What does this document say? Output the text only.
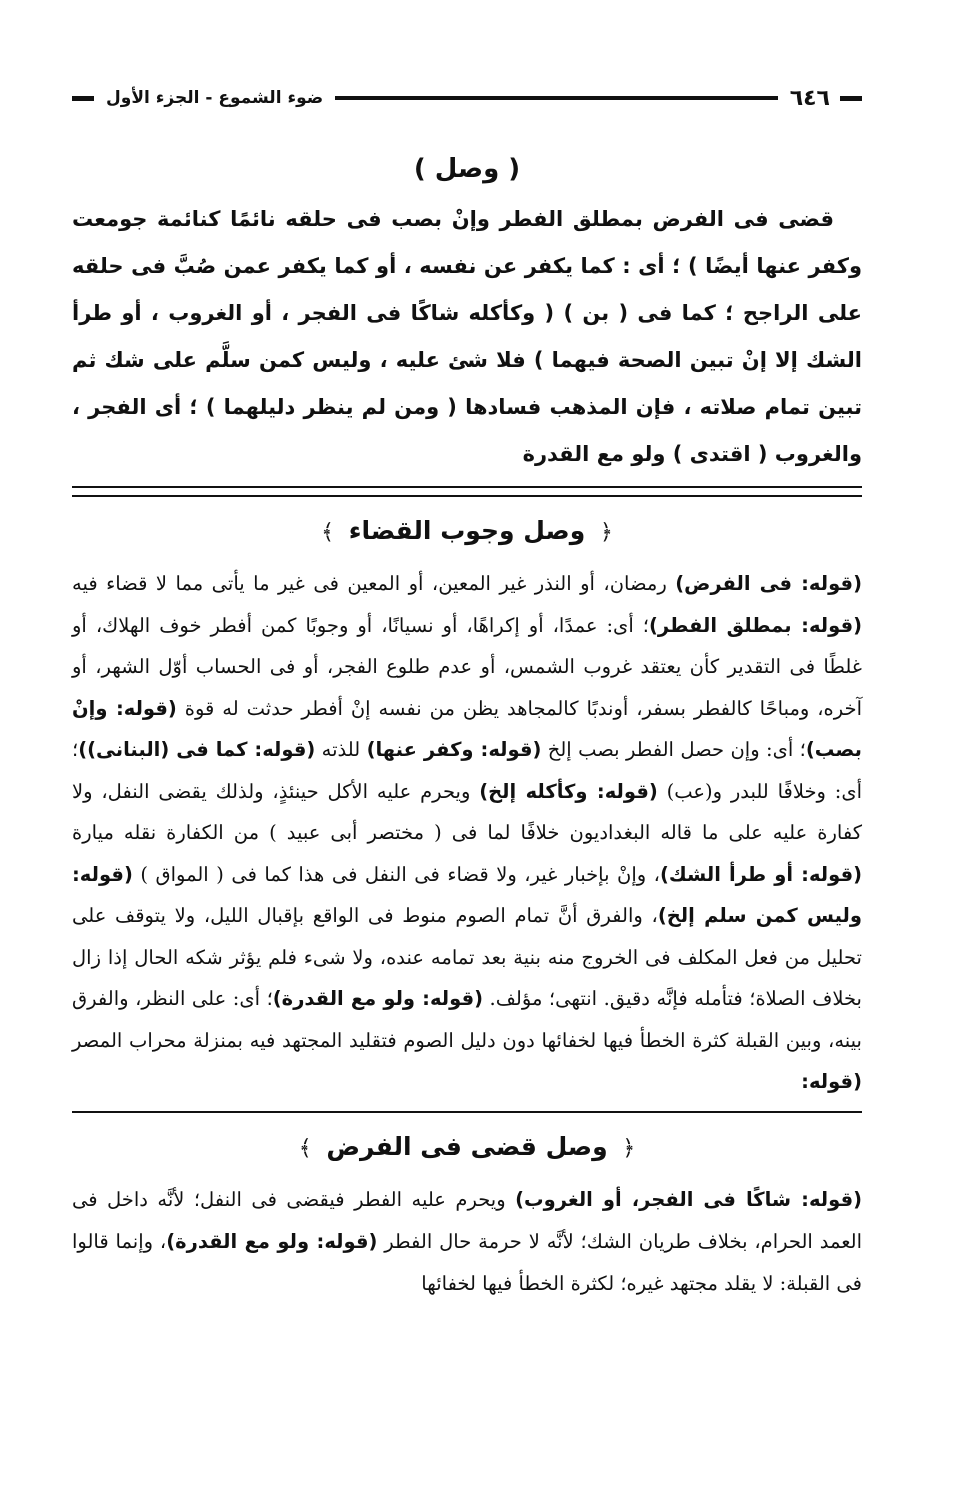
٦٤٦
ضوء الشموع - الجزء الأول
( وصل )

قضى فى الفرض بمطلق الفطر وإنْ بصب فى حلقه نائمًا كنائمة جومعت وكفر عنها أيضًا ) ؛ أى : كما يكفر عن نفسه ، أو كما يكفر عمن صُبَّ فى حلقه على الراجح ؛ كما فى ( بن ) ( وكأكله شاكًا فى الفجر ، أو الغروب ، أو طرأ الشك إلا إنْ تبين الصحة فيهما ) فلا شئ عليه ، وليس كمن سلَّم على شك ثم تبين تمام صلاته ، فإن المذهب فسادها ( ومن لم ينظر دليلهما ) ؛ أى الفجر ، والغروب ( اقتدى ) ولو مع القدرة

﴿ وصل وجوب القضاء ﴾

(قوله: فى الفرض) رمضان، أو النذر غير المعين، أو المعين فى غير ما يأتى مما لا قضاء فيه (قوله: بمطلق الفطر)؛ أى: عمدًا، أو إكراهًا، أو نسيانًا، أو وجوبًا كمن أفطر خوف الهلاك، أو غلطًا فى التقدير كأن يعتقد غروب الشمس، أو عدم طلوع الفجر، أو فى الحساب أوّل الشهر، أو آخره، ومباحًا كالفطر بسفر، أوندبًا كالمجاهد يظن من نفسه إنْ أفطر حدثت له قوة (قوله: وإنْ بصب)؛ أى: وإن حصل الفطر بصب إلخ (قوله: وكفر عنها) للذته (قوله: كما فى (البنانى))؛ أى: وخلافًا للبدر و(عب) (قوله: وكأكله إلخ) ويحرم عليه الأكل حينئذٍ، ولذلك يقضى النفل، ولا كفارة عليه على ما قاله البغداديون خلافًا لما فى ( مختصر أبى عبيد ) من الكفارة نقله ميارة (قوله: أو طرأ الشك)، وإنْ بإخبار غير، ولا قضاء فى النفل فى هذا كما فى ( المواق ) (قوله: وليس كمن سلم إلخ)، والفرق أنَّ تمام الصوم منوط فى الواقع بإقبال الليل، ولا يتوقف على تحليل من فعل المكلف فى الخروج منه بنية بعد تمامه عنده، ولا شىء فلم يؤثر شكه الحال إذا زال بخلاف الصلاة؛ فتأمله فإنَّه دقيق. انتهى؛ مؤلف. (قوله: ولو مع القدرة)؛ أى: على النظر، والفرق بينه، وبين القبلة كثرة الخطأ فيها لخفائها دون دليل الصوم فتقليد المجتهد فيه بمنزلة محراب المصر (قوله:

﴿ وصل قضى فى الفرض ﴾

(قوله: شاكًا فى الفجر، أو الغروب) ويحرم عليه الفطر فيقضى فى النفل؛ لأنَّه داخل فى العمد الحرام، بخلاف طريان الشك؛ لأنَّه لا حرمة حال الفطر (قوله: ولو مع القدرة)، وإنما قالوا فى القبلة: لا يقلد مجتهد غيره؛ لكثرة الخطأ فيها لخفائها
